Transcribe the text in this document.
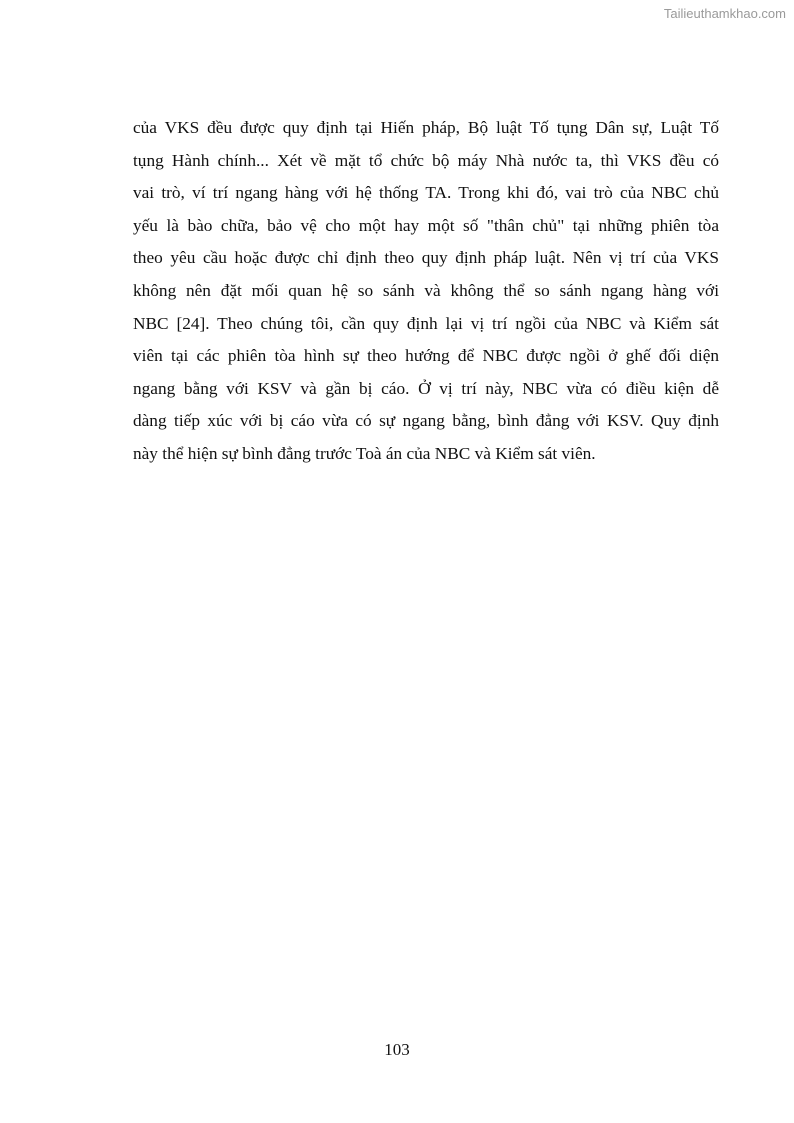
Tailieuthamkhao.com
của VKS đều được quy định tại Hiến pháp, Bộ luật Tố tụng Dân sự, Luật Tố
tụng Hành chính... Xét về mặt tổ chức bộ máy Nhà nước ta, thì VKS đều có
vai trò, ví trí ngang hàng với hệ thống TA. Trong khi đó, vai trò của NBC chủ
yếu là bào chữa, bảo vệ cho một hay một số "thân chủ" tại những phiên tòa
theo yêu cầu hoặc được chỉ định theo quy định pháp luật. Nên vị trí của VKS
không nên đặt mối quan hệ so sánh và không thể so sánh ngang hàng với
NBC [24]. Theo chúng tôi, cần quy định lại vị trí ngồi của NBC và Kiểm sát
viên tại các phiên tòa hình sự theo hướng để NBC được ngồi ở ghế đối diện
ngang bằng với KSV và gần bị cáo. Ở vị trí này, NBC vừa có điều kiện dễ
dàng tiếp xúc với bị cáo vừa có sự ngang bằng, bình đẳng với KSV. Quy định
này thể hiện sự bình đẳng trước Toà án của NBC và Kiểm sát viên.
103
